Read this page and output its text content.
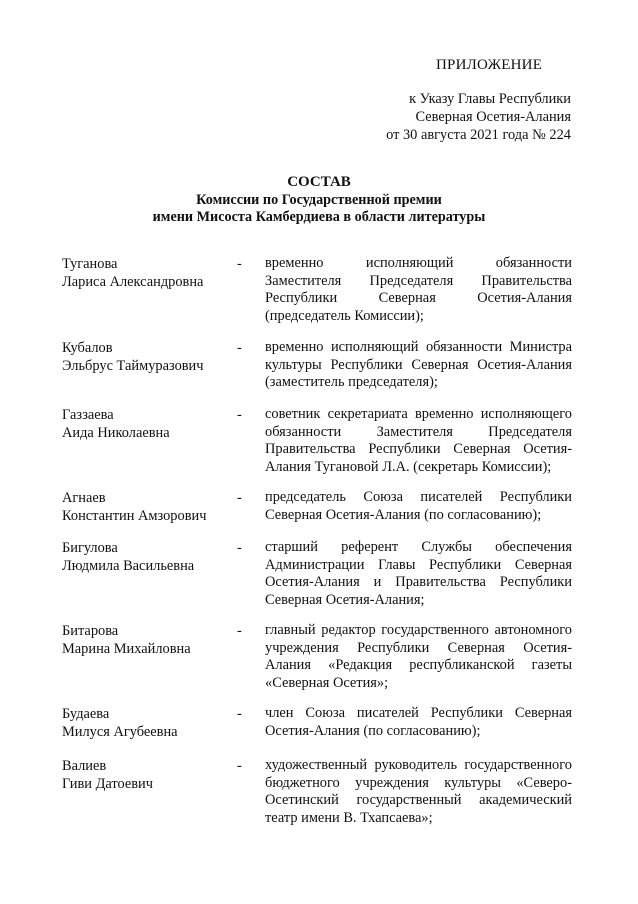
ПРИЛОЖЕНИЕ
к Указу Главы Республики
Северная Осетия-Алания
от 30 августа 2021 года № 224
СОСТАВ
Комиссии по Государственной премии
имени Мисоста Камбердиева в области литературы
Туганова
Лариса Александровна
- временно исполняющий обязанности Заместителя Председателя Правительства Республики Северная Осетия-Алания (председатель Комиссии);
Кубалов
Эльбрус Таймуразович
- временно исполняющий обязанности Министра культуры Республики Северная Осетия-Алания (заместитель председателя);
Газзаева
Аида Николаевна
- советник секретариата временно исполняющего обязанности Заместителя Председателя Правительства Республики Северная Осетия-Алания Тугановой Л.А. (секретарь Комиссии);
Агнаев
Константин Амзорович
- председатель Союза писателей Республики Северная Осетия-Алания (по согласованию);
Бигулова
Людмила Васильевна
- старший референт Службы обеспечения Администрации Главы Республики Северная Осетия-Алания и Правительства Республики Северная Осетия-Алания;
Битарова
Марина Михайловна
- главный редактор государственного автономного учреждения Республики Северная Осетия-Алания «Редакция республиканской газеты «Северная Осетия»;
Будаева
Милуся Агубеевна
- член Союза писателей Республики Северная Осетия-Алания (по согласованию);
Валиев
Гиви Датоевич
- художественный руководитель государственного бюджетного учреждения культуры «Северо-Осетинский государственный академический театр имени В. Тхапсаева»;
